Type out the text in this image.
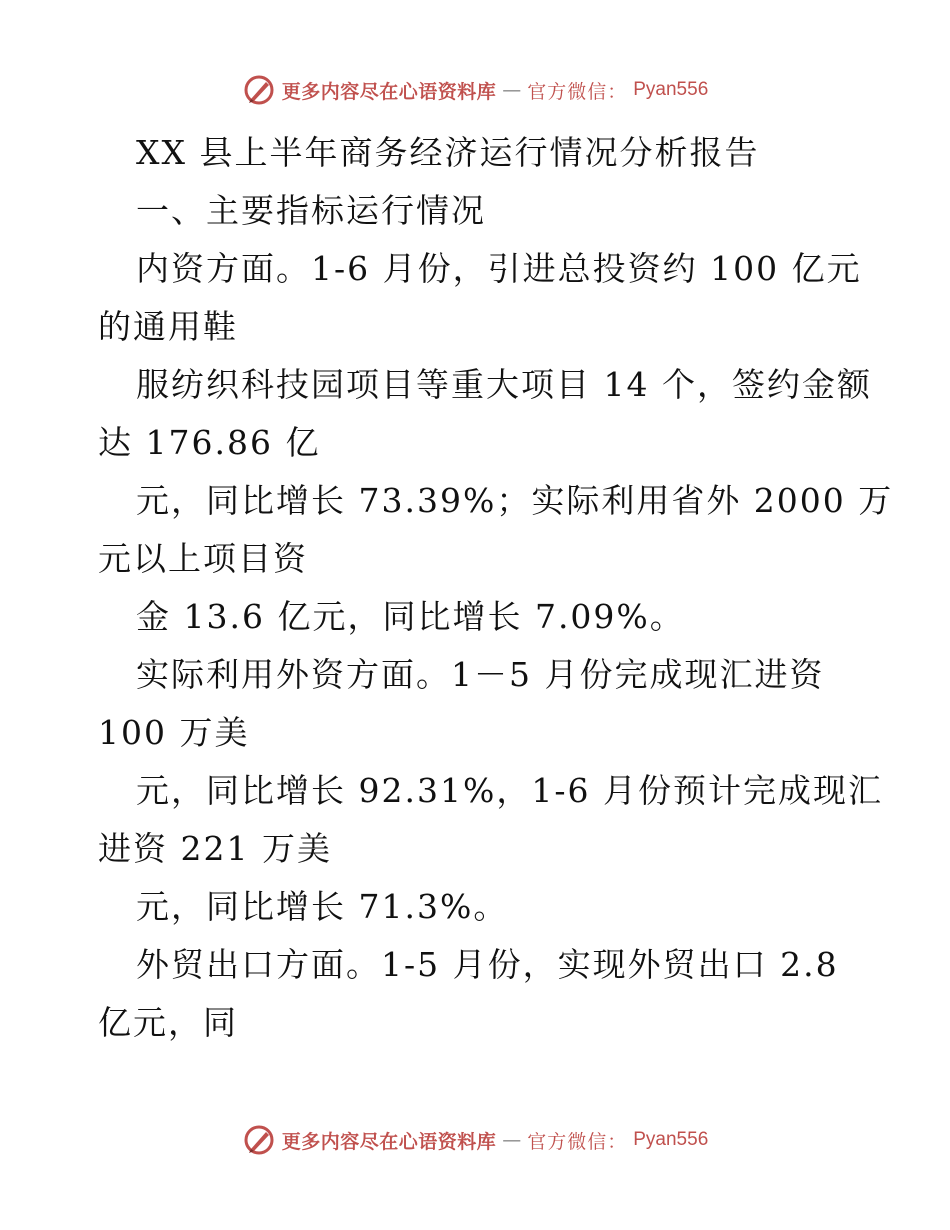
更多内容尽在心语资料库 — 官方微信： Pyan556
XX 县上半年商务经济运行情况分析报告
一、主要指标运行情况
内资方面。1-6 月份，引进总投资约 100 亿元
的通用鞋
服纺织科技园项目等重大项目 14 个，签约金额
达 176.86 亿
元，同比增长 73.39%；实际利用省外 2000 万
元以上项目资
金 13.6 亿元，同比增长 7.09%。
实际利用外资方面。1－5 月份完成现汇进资
100 万美
元，同比增长 92.31%，1-6 月份预计完成现汇
进资 221 万美
元，同比增长 71.3%。
外贸出口方面。1-5 月份，实现外贸出口 2.8
亿元，同
更多内容尽在心语资料库 — 官方微信： Pyan556
